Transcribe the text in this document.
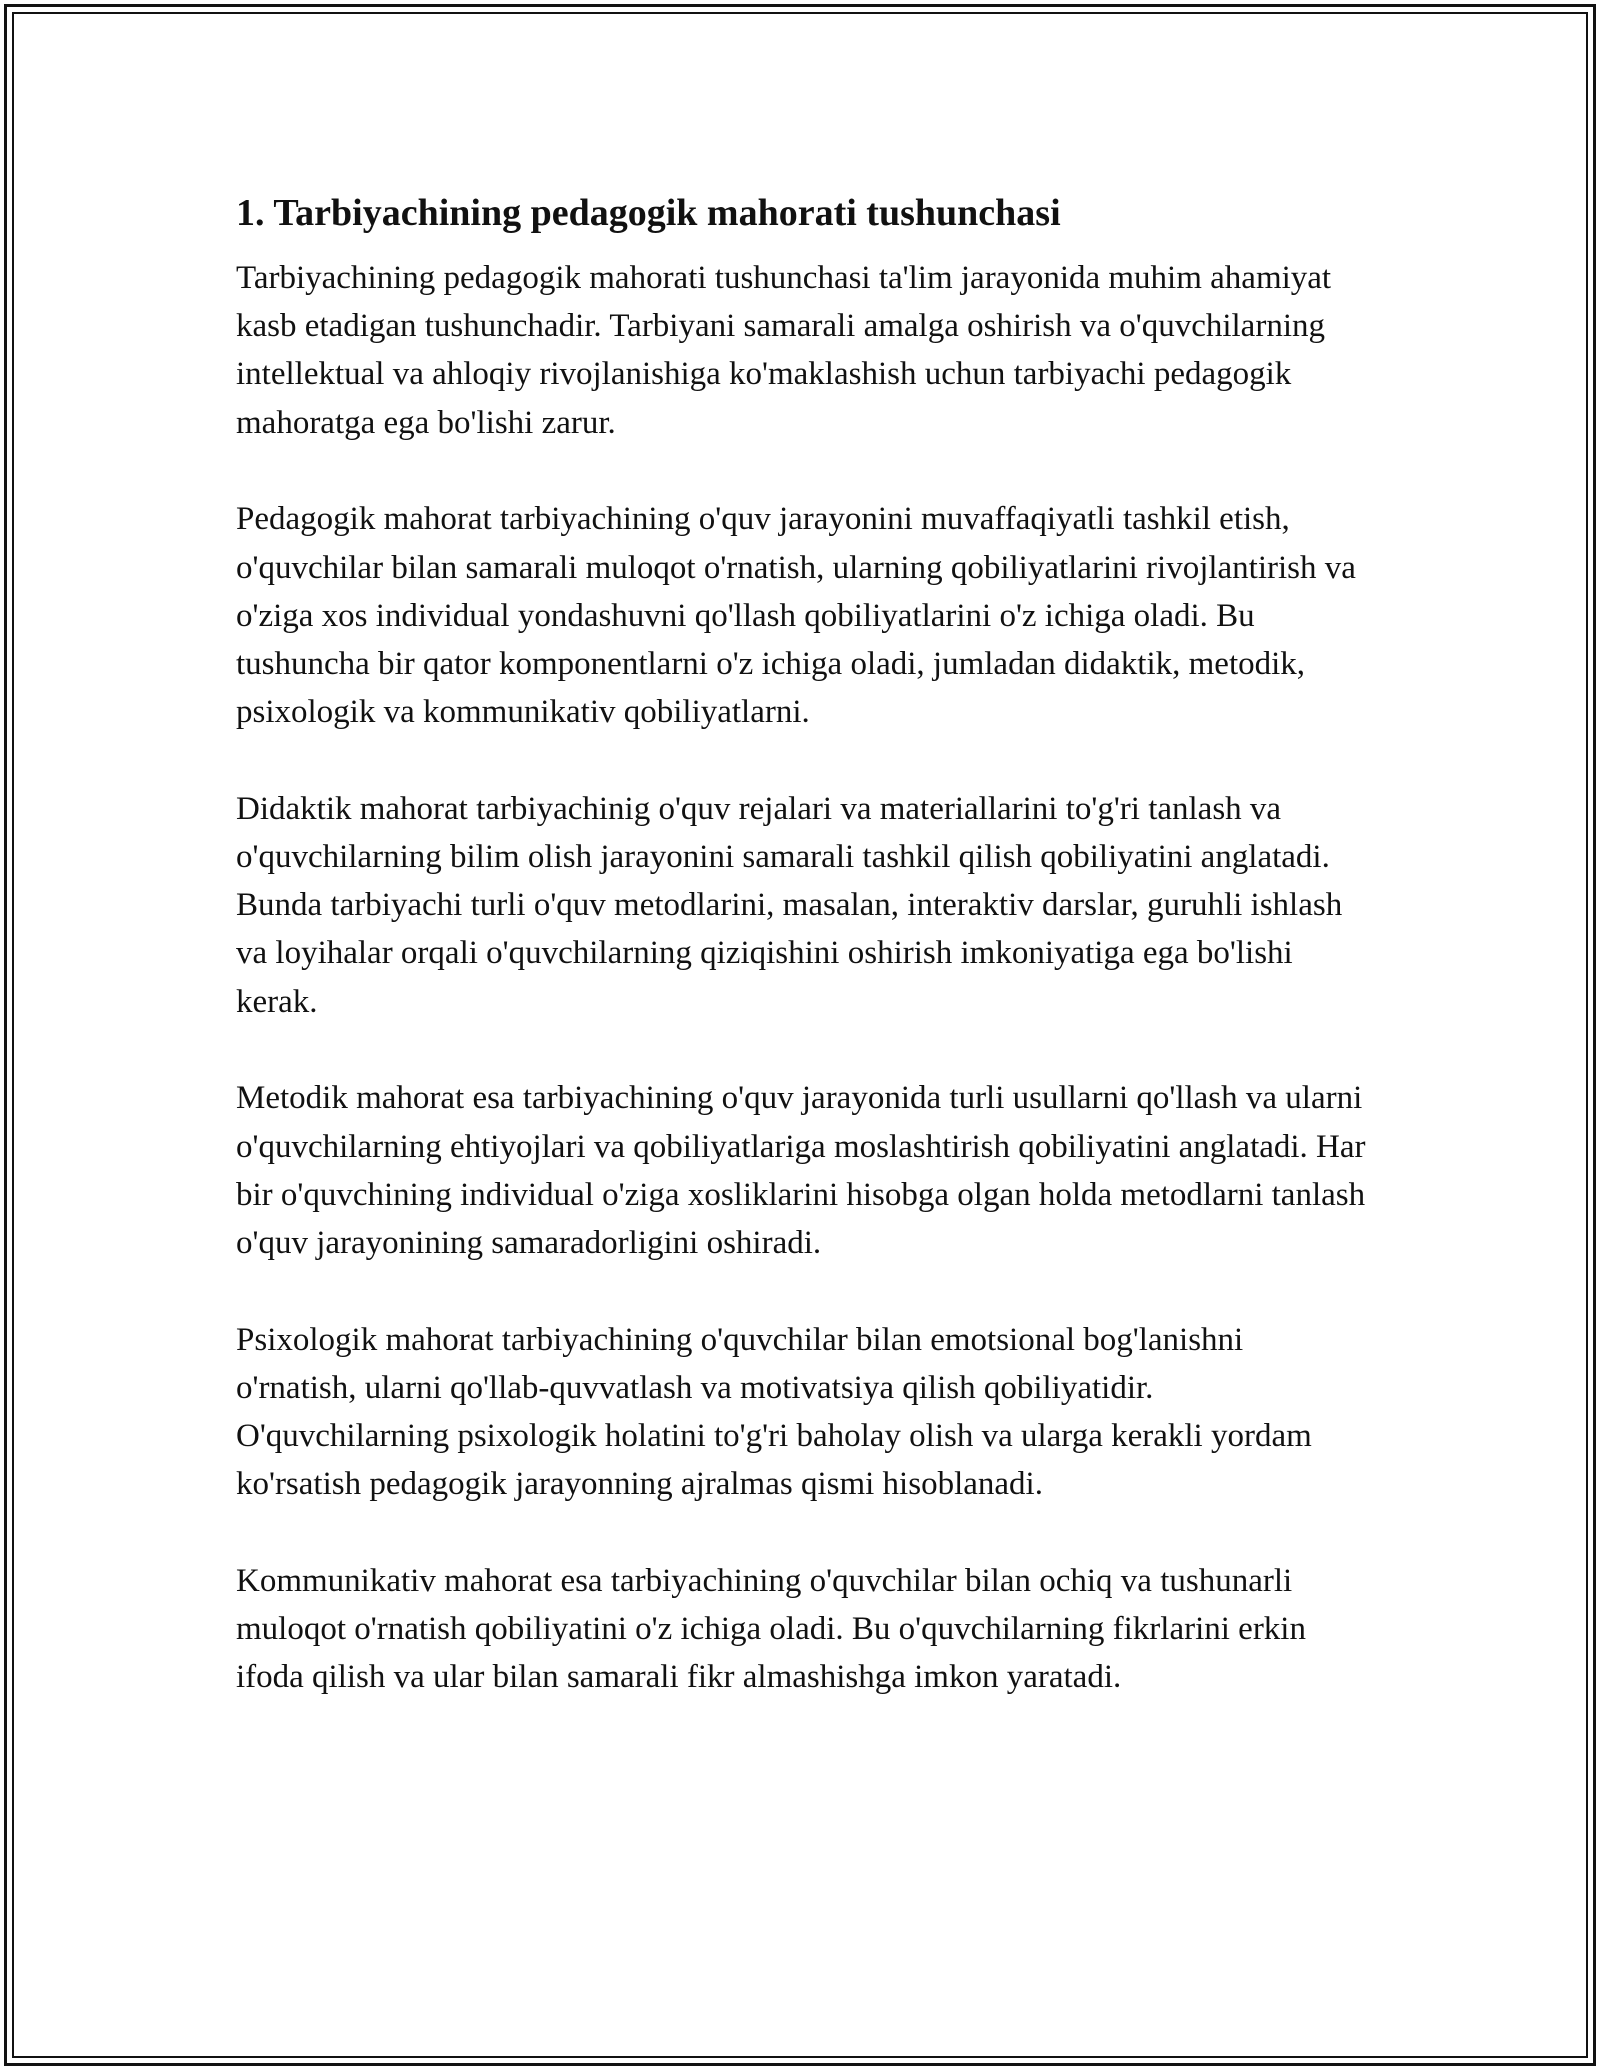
1. Tarbiyachining pedagogik mahorati tushunchasi

Tarbiyachining pedagogik mahorati tushunchasi ta'lim jarayonida muhim ahamiyat kasb etadigan tushunchadir. Tarbiyani samarali amalga oshirish va o'quvchilarning intellektual va ahloqiy rivojlanishiga ko'maklashish uchun tarbiyachi pedagogik mahoratga ega bo'lishi zarur.

Pedagogik mahorat tarbiyachining o'quv jarayonini muvaffaqiyatli tashkil etish, o'quvchilar bilan samarali muloqot o'rnatish, ularning qobiliyatlarini rivojlantirish va o'ziga xos individual yondashuvni qo'llash qobiliyatlarini o'z ichiga oladi. Bu tushuncha bir qator komponentlarni o'z ichiga oladi, jumladan didaktik, metodik, psixologik va kommunikativ qobiliyatlarni.

Didaktik mahorat tarbiyachinig o'quv rejalari va materiallarini to'g'ri tanlash va o'quvchilarning bilim olish jarayonini samarali tashkil qilish qobiliyatini anglatadi. Bunda tarbiyachi turli o'quv metodlarini, masalan, interaktiv darslar, guruhli ishlash va loyihalar orqali o'quvchilarning qiziqishini oshirish imkoniyatiga ega bo'lishi kerak.

Metodik mahorat esa tarbiyachining o'quv jarayonida turli usullarni qo'llash va ularni o'quvchilarning ehtiyojlari va qobiliyatlariga moslashtirish qobiliyatini anglatadi. Har bir o'quvchining individual o'ziga xosliklarini hisobga olgan holda metodlarni tanlash o'quv jarayonining samaradorligini oshiradi.

Psixologik mahorat tarbiyachining o'quvchilar bilan emotsional bog'lanishni o'rnatish, ularni qo'llab-quvvatlash va motivatsiya qilish qobiliyatidir. O'quvchilarning psixologik holatini to'g'ri baholay olish va ularga kerakli yordam ko'rsatish pedagogik jarayonning ajralmas qismi hisoblanadi.

Kommunikativ mahorat esa tarbiyachining o'quvchilar bilan ochiq va tushunarli muloqot o'rnatish qobiliyatini o'z ichiga oladi. Bu o'quvchilarning fikrlarini erkin ifoda qilish va ular bilan samarali fikr almashishga imkon yaratadi.
